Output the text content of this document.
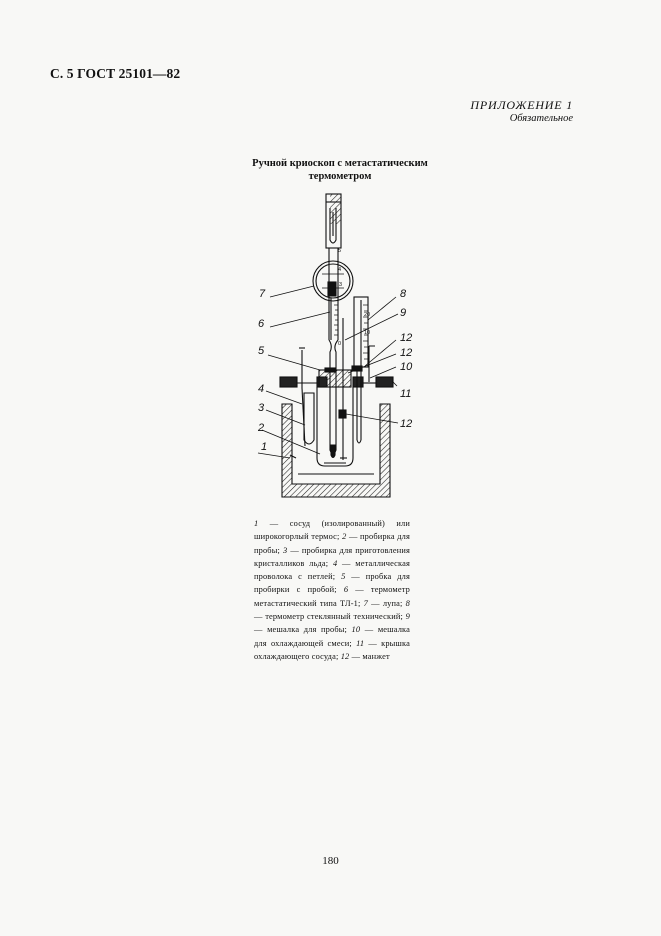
С. 5 ГОСТ 25101—82
ПРИЛОЖЕНИЕ 1
Обязательное
Ручной криоскоп с метастатическим
термометром
5
4
3
20
10
0
1
2
3
4
5
6
7	8
9
10
11
12
12
12
1 — сосуд (изолированный) или широкогорлый термос; 2 — пробирка для пробы; 3 — пробирка для приготовления кристалликов льда; 4 — металлическая проволока с петлей; 5 — пробка для пробирки с пробой; 6 — термометр метастатический типа ТЛ-1; 7 — лупа; 8 — термометр стеклянный технический; 9 — мешалка для пробы; 10 — мешалка для охлаждающей смеси; 11 — крышка охлаждающего сосуда; 12 — манжет
180
